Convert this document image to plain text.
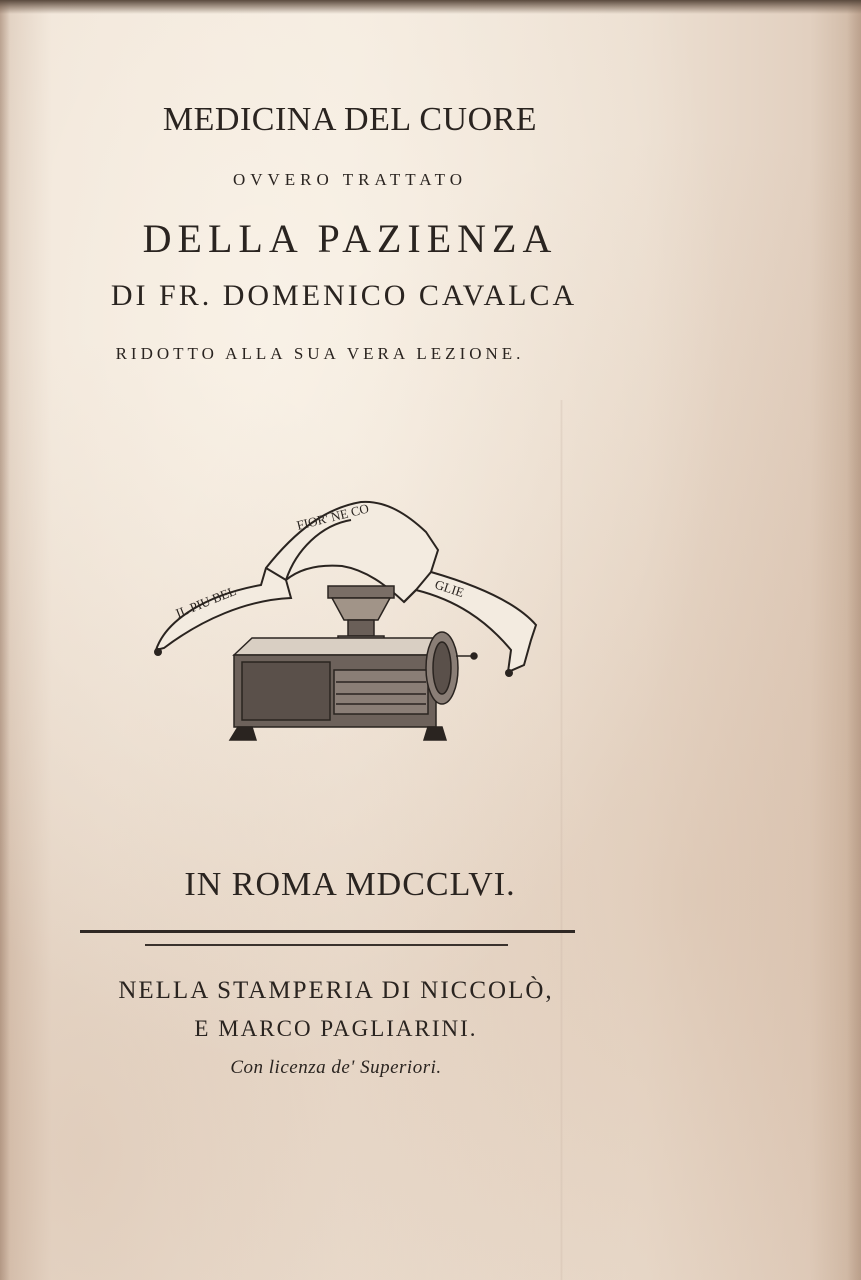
MEDICINA DEL CUORE
OVVERO TRATTATO
DELLA PAZIENZA
DI FR. DOMENICO CAVALCA
RIDOTTO ALLA SUA VERA LEZIONE.
IL PIU BEL
FIOR' NE CO
GLIE
IN ROMA MDCCLVI.
NELLA STAMPERIA DI NICCOLÒ,
E MARCO PAGLIARINI.
Con licenza de' Superiori.
